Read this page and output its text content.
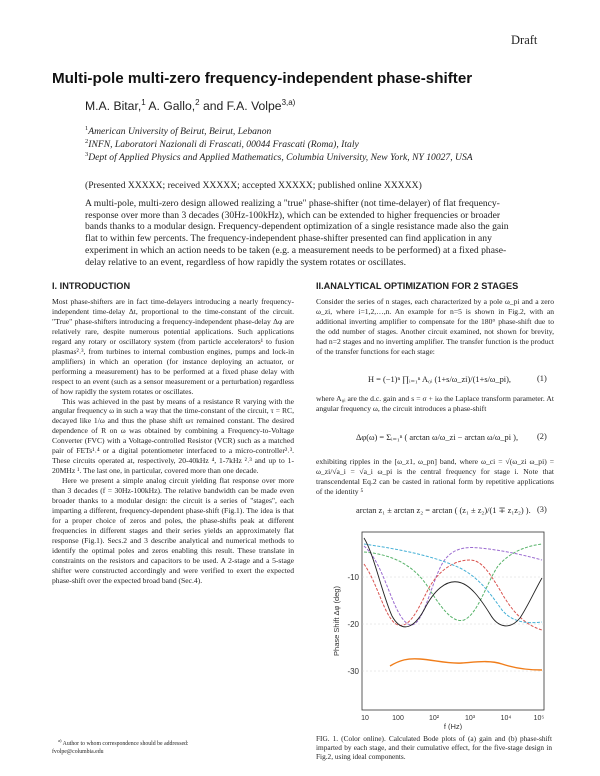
Draft
Multi-pole multi-zero frequency-independent phase-shifter
M.A. Bitar,$^1$ A. Gallo,$^2$ and F.A. Volpe$^{3,a)}$
$^1$American University of Beirut, Beirut, Lebanon
$^2$INFN, Laboratori Nazionali di Frascati, 00044 Frascati (Roma), Italy
$^3$Dept of Applied Physics and Applied Mathematics, Columbia University, New York, NY 10027, USA
(Presented XXXXX; received XXXXX; accepted XXXXX; published online XXXXX)
A multi-pole, multi-zero design allowed realizing a "true" phase-shifter (not time-delayer) of flat frequency-response over more than 3 decades (30Hz-100kHz), which can be extended to higher frequencies or broader bands thanks to a modular design. Frequency-dependent optimization of a single resistance made also the gain flat to within few percents. The frequency-independent phase-shifter presented can find application in any experiment in which an action needs to be taken (e.g. a measurement needs to be performed) at a fixed phase-delay relative to an event, regardless of how rapidly the system rotates or oscillates.
I. INTRODUCTION

Most phase-shifters are in fact time-delayers introducing a nearly frequency-independent time-delay Δt, proportional to the time-constant of the circuit. "True" phase-shifters introducing a frequency-independent phase-delay Δφ are relatively rare, despite numerous potential applications. Such applications regard any rotary or oscillatory system (from particle accelerators¹ to fusion plasmas²˒³, from turbines to internal combustion engines, pumps and lock-in amplifiers) in which an operation (for instance deploying an actuator, or performing a measurement) has to be performed at a fixed phase delay with respect to an event (such as a sensor measurement or a perturbation) regardless of how rapidly the system rotates or oscillates.

This was achieved in the past by means of a resistance R varying with the angular frequency ω in such a way that the time-constant of the circuit, τ = RC, decayed like 1/ω and thus the phase shift ωτ remained constant. The desired dependence of R on ω was obtained by combining a Frequency-to-Voltage Converter (FVC) with a Voltage-controlled Resistor (VCR) such as a matched pair of FETs¹˒⁴ or a digital potentiometer interfaced to a micro-controller²˒³. These circuits operated at, respectively, 20-40kHz ⁴, 1-7kHz ²˒³ and up to 1-20MHz ¹. The last one, in particular, covered more than one decade.

Here we present a simple analog circuit yielding flat response over more than 3 decades (f = 30Hz-100kHz). The relative bandwidth can be made even broader thanks to a modular design: the circuit is a series of "stages", each imparting a different, frequency-dependent phase-shift (Fig.1). The idea is that for a proper choice of zeros and poles, the phase-shifts peak at different frequencies in different stages and their series yields an approximately flat response (Fig.1). Secs.2 and 3 describe analytical and numerical methods to identify the optimal poles and zeros enabling this result. These translate in constraints on the resistors and capacitors to be used. A 2-stage and a 5-stage shifter were constructed accordingly and were verified to exert the expected phase-shift over the expected broad band (Sec.4).

$^{a)}$ Author to whom correspondence should be addressed:
fvolpe@columbia.edu
II.ANALYTICAL OPTIMIZATION FOR 2 STAGES
Consider the series of n stages, each characterized by a pole ω_pi and a zero ω_zi, where i=1,2,…,n. An example for n=5 is shown in Fig.2, with an additional inverting amplifier to compensate for the 180° phase-shift due to the odd number of stages. Another circuit examined, not shown for brevity, had n=2 stages and no inverting amplifier. The transfer function is the product of the transfer functions for each stage:
H = (−1)ⁿ ∏ᵢ₌₁ⁿ A₀ᵢ (1+s/ω_zi)/(1+s/ω_pi),	(1)
where A₀ᵢ are the d.c. gain and s = σ + iω the Laplace transform parameter. At angular frequency ω, the circuit introduces a phase-shift
Δφ(ω) = Σᵢ₌₁ⁿ ( arctan ω/ω_zi − arctan ω/ω_pi ), (2)
exhibiting ripples in the [ω_z1, ω_pn] band, where ω_ci = √(ω_zi ω_pi) = ω_zi/√a_i = √a_i ω_pi is the central frequency for stage i. Note that transcendental Eq.2 can be casted in rational form by repetitive applications of the identity ⁵
arctan z₁ ± arctan z₂ = arctan ( (z₁ ± z₂)/(1 ∓ z₁z₂) ). (3)
-10
-20
-30
10	100	10²	10³	10⁴	10⁵
f (Hz)
Phase Shift Δφ (deg)
FIG. 1. (Color online). Calculated Bode plots of (a) gain and (b) phase-shift imparted by each stage, and their cumulative effect, for the five-stage design in Fig.2, using ideal components.
